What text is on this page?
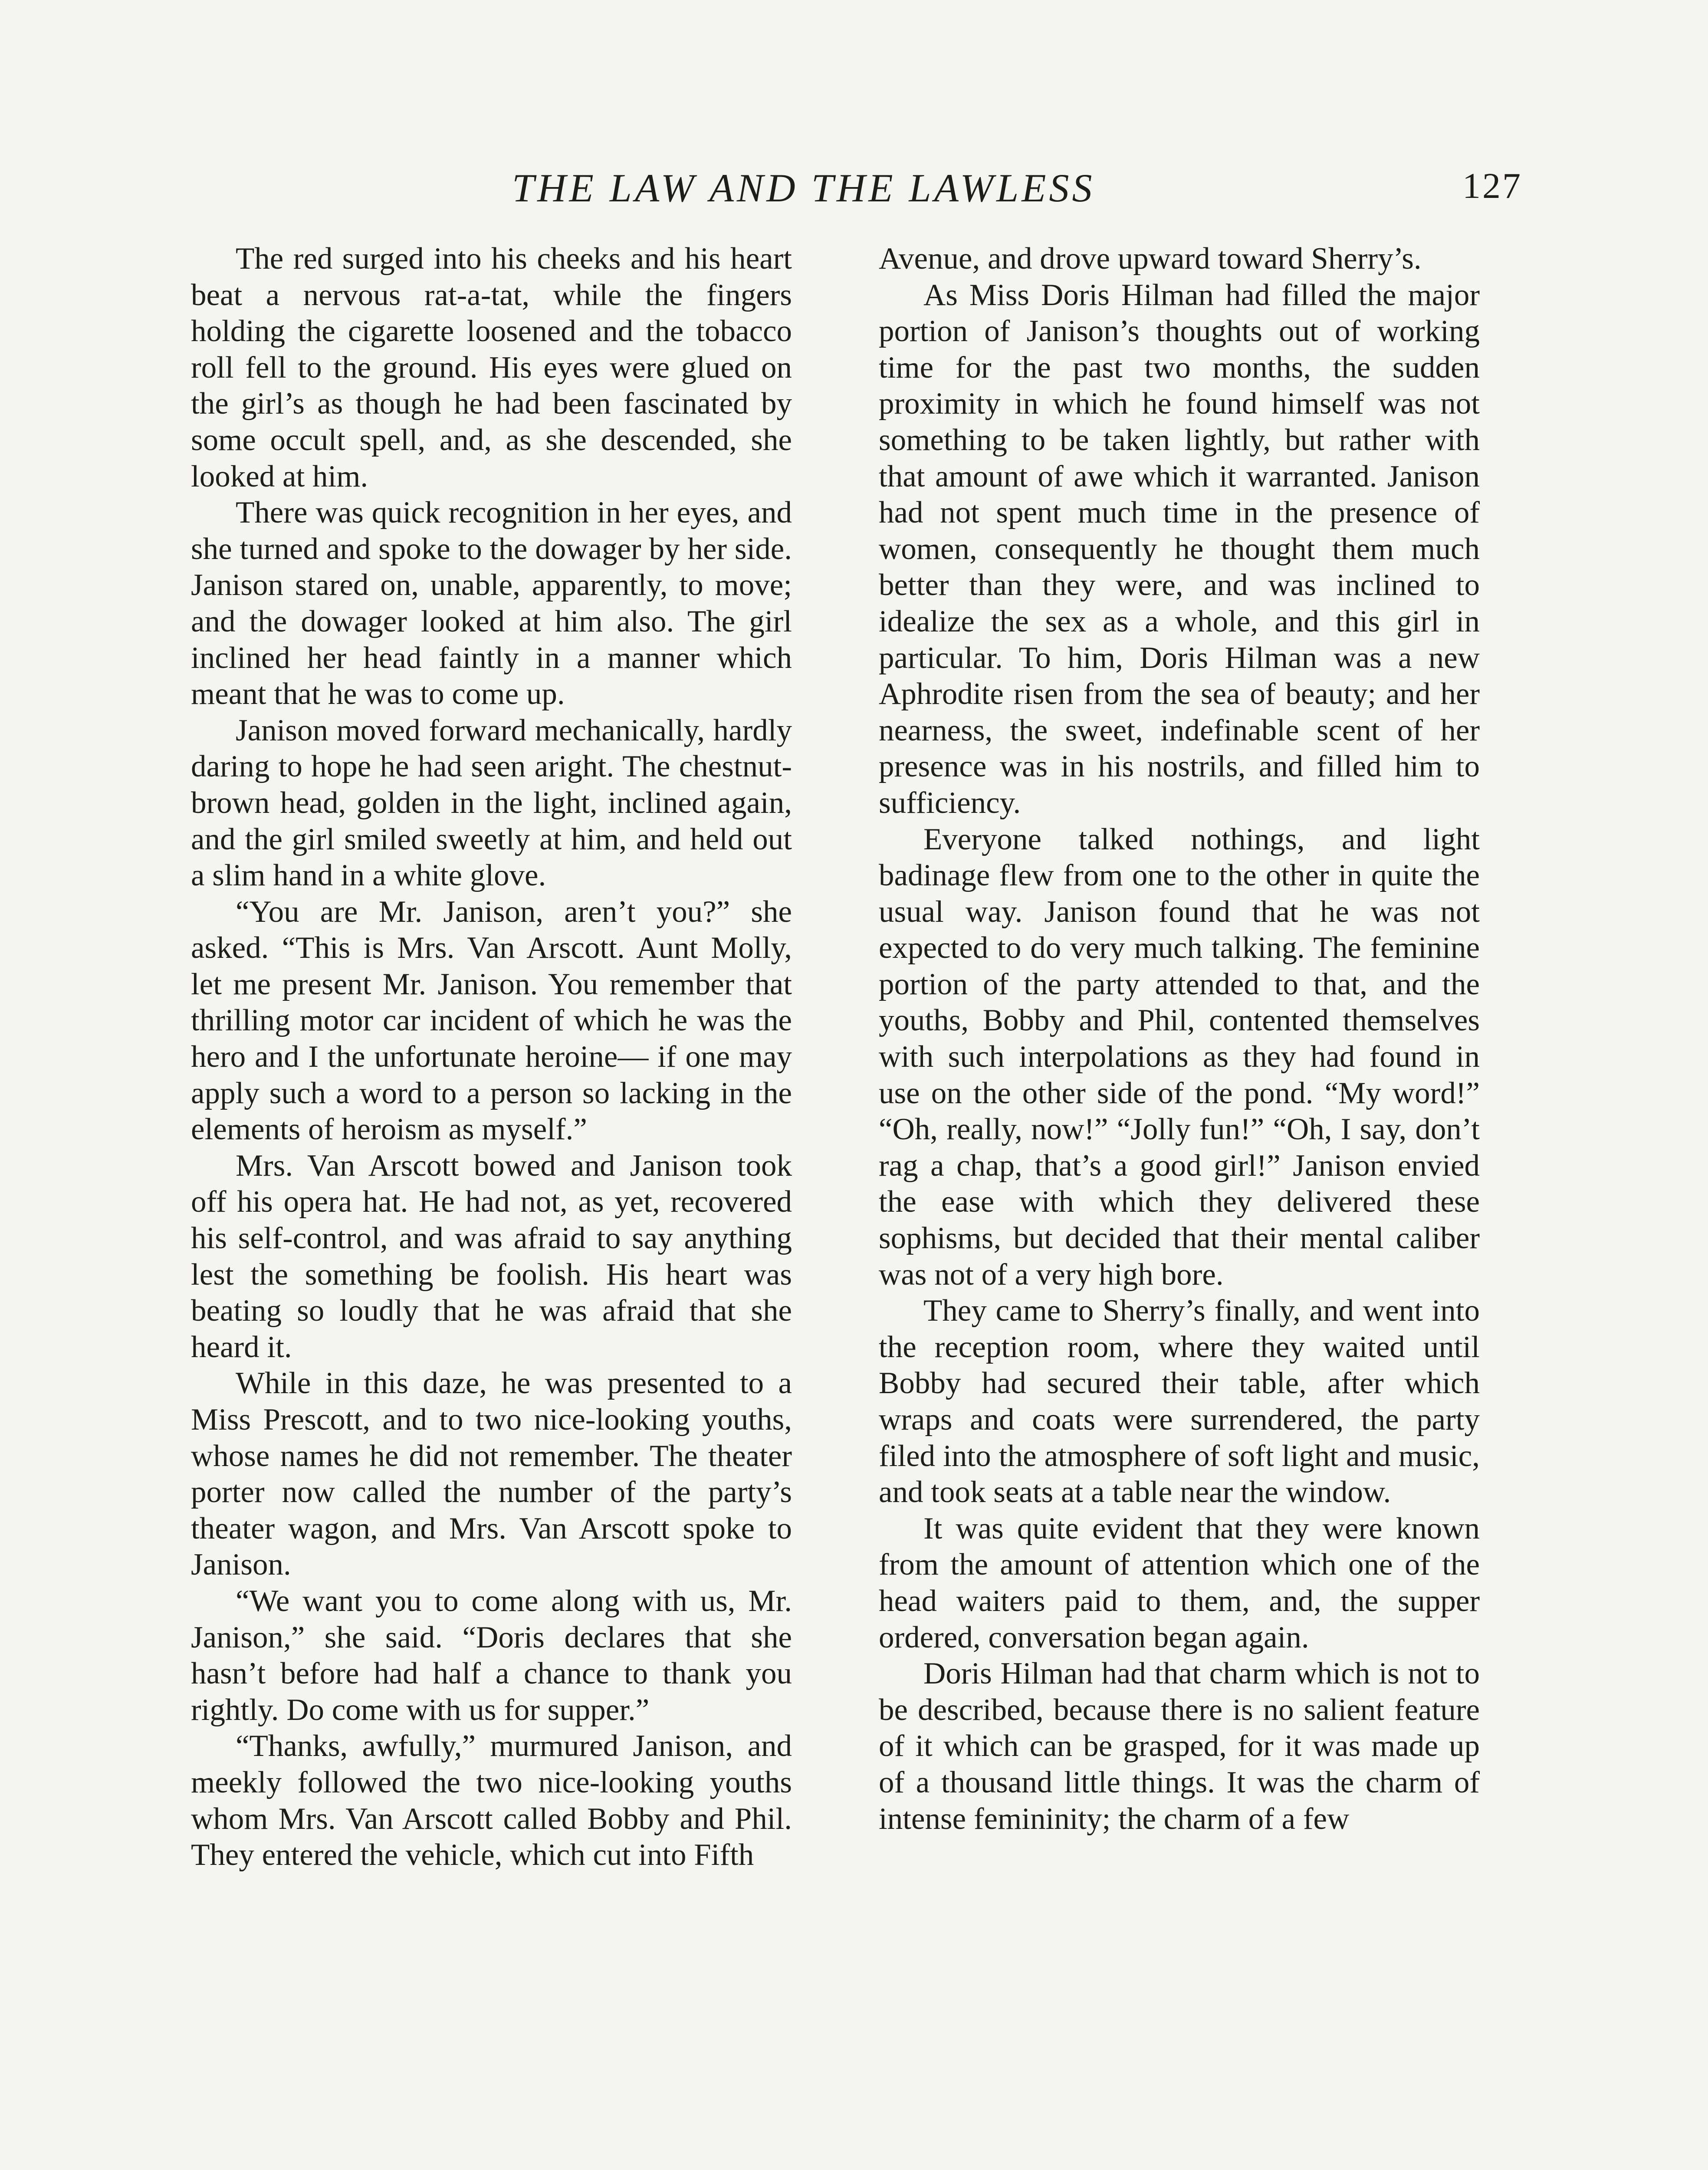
THE LAW AND THE LAWLESS	127

The red surged into his cheeks and his heart beat a nervous rat-a-tat, while the fingers holding the cigarette loosened and the tobacco roll fell to the ground. His eyes were glued on the girl’s as though he had been fascinated by some occult spell, and, as she descended, she looked at him.

There was quick recognition in her eyes, and she turned and spoke to the dowager by her side. Janison stared on, unable, apparently, to move; and the dowager looked at him also. The girl inclined her head faintly in a manner which meant that he was to come up.

Janison moved forward mechanically, hardly daring to hope he had seen aright. The chestnut-brown head, golden in the light, inclined again, and the girl smiled sweetly at him, and held out a slim hand in a white glove.

“You are Mr. Janison, aren’t you?” she asked. “This is Mrs. Van Arscott. Aunt Molly, let me present Mr. Janison. You remember that thrilling motor car incident of which he was the hero and I the unfortunate heroine— if one may apply such a word to a person so lacking in the elements of heroism as myself.”

Mrs. Van Arscott bowed and Janison took off his opera hat. He had not, as yet, recovered his self-control, and was afraid to say anything lest the something be foolish. His heart was beating so loudly that he was afraid that she heard it.

While in this daze, he was presented to a Miss Prescott, and to two nice-looking youths, whose names he did not remember. The theater porter now called the number of the party’s theater wagon, and Mrs. Van Arscott spoke to Janison.

“We want you to come along with us, Mr. Janison,” she said. “Doris declares that she hasn’t before had half a chance to thank you rightly. Do come with us for supper.”

“Thanks, awfully,” murmured Janison, and meekly followed the two nice-looking youths whom Mrs. Van Arscott called Bobby and Phil. They entered the vehicle, which cut into Fifth

Avenue, and drove upward toward Sherry’s.

As Miss Doris Hilman had filled the major portion of Janison’s thoughts out of working time for the past two months, the sudden proximity in which he found himself was not something to be taken lightly, but rather with that amount of awe which it warranted. Janison had not spent much time in the presence of women, consequently he thought them much better than they were, and was inclined to idealize the sex as a whole, and this girl in particular. To him, Doris Hilman was a new Aphrodite risen from the sea of beauty; and her nearness, the sweet, indefinable scent of her presence was in his nostrils, and filled him to sufficiency.

Everyone talked nothings, and light badinage flew from one to the other in quite the usual way. Janison found that he was not expected to do very much talking. The feminine portion of the party attended to that, and the youths, Bobby and Phil, contented themselves with such interpolations as they had found in use on the other side of the pond. “My word!” “Oh, really, now!” “Jolly fun!” “Oh, I say, don’t rag a chap, that’s a good girl!” Janison envied the ease with which they delivered these sophisms, but decided that their mental caliber was not of a very high bore.

They came to Sherry’s finally, and went into the reception room, where they waited until Bobby had secured their table, after which wraps and coats were surrendered, the party filed into the atmosphere of soft light and music, and took seats at a table near the window.

It was quite evident that they were known from the amount of attention which one of the head waiters paid to them, and, the supper ordered, conversation began again.

Doris Hilman had that charm which is not to be described, because there is no salient feature of it which can be grasped, for it was made up of a thousand little things. It was the charm of intense femininity; the charm of a few
